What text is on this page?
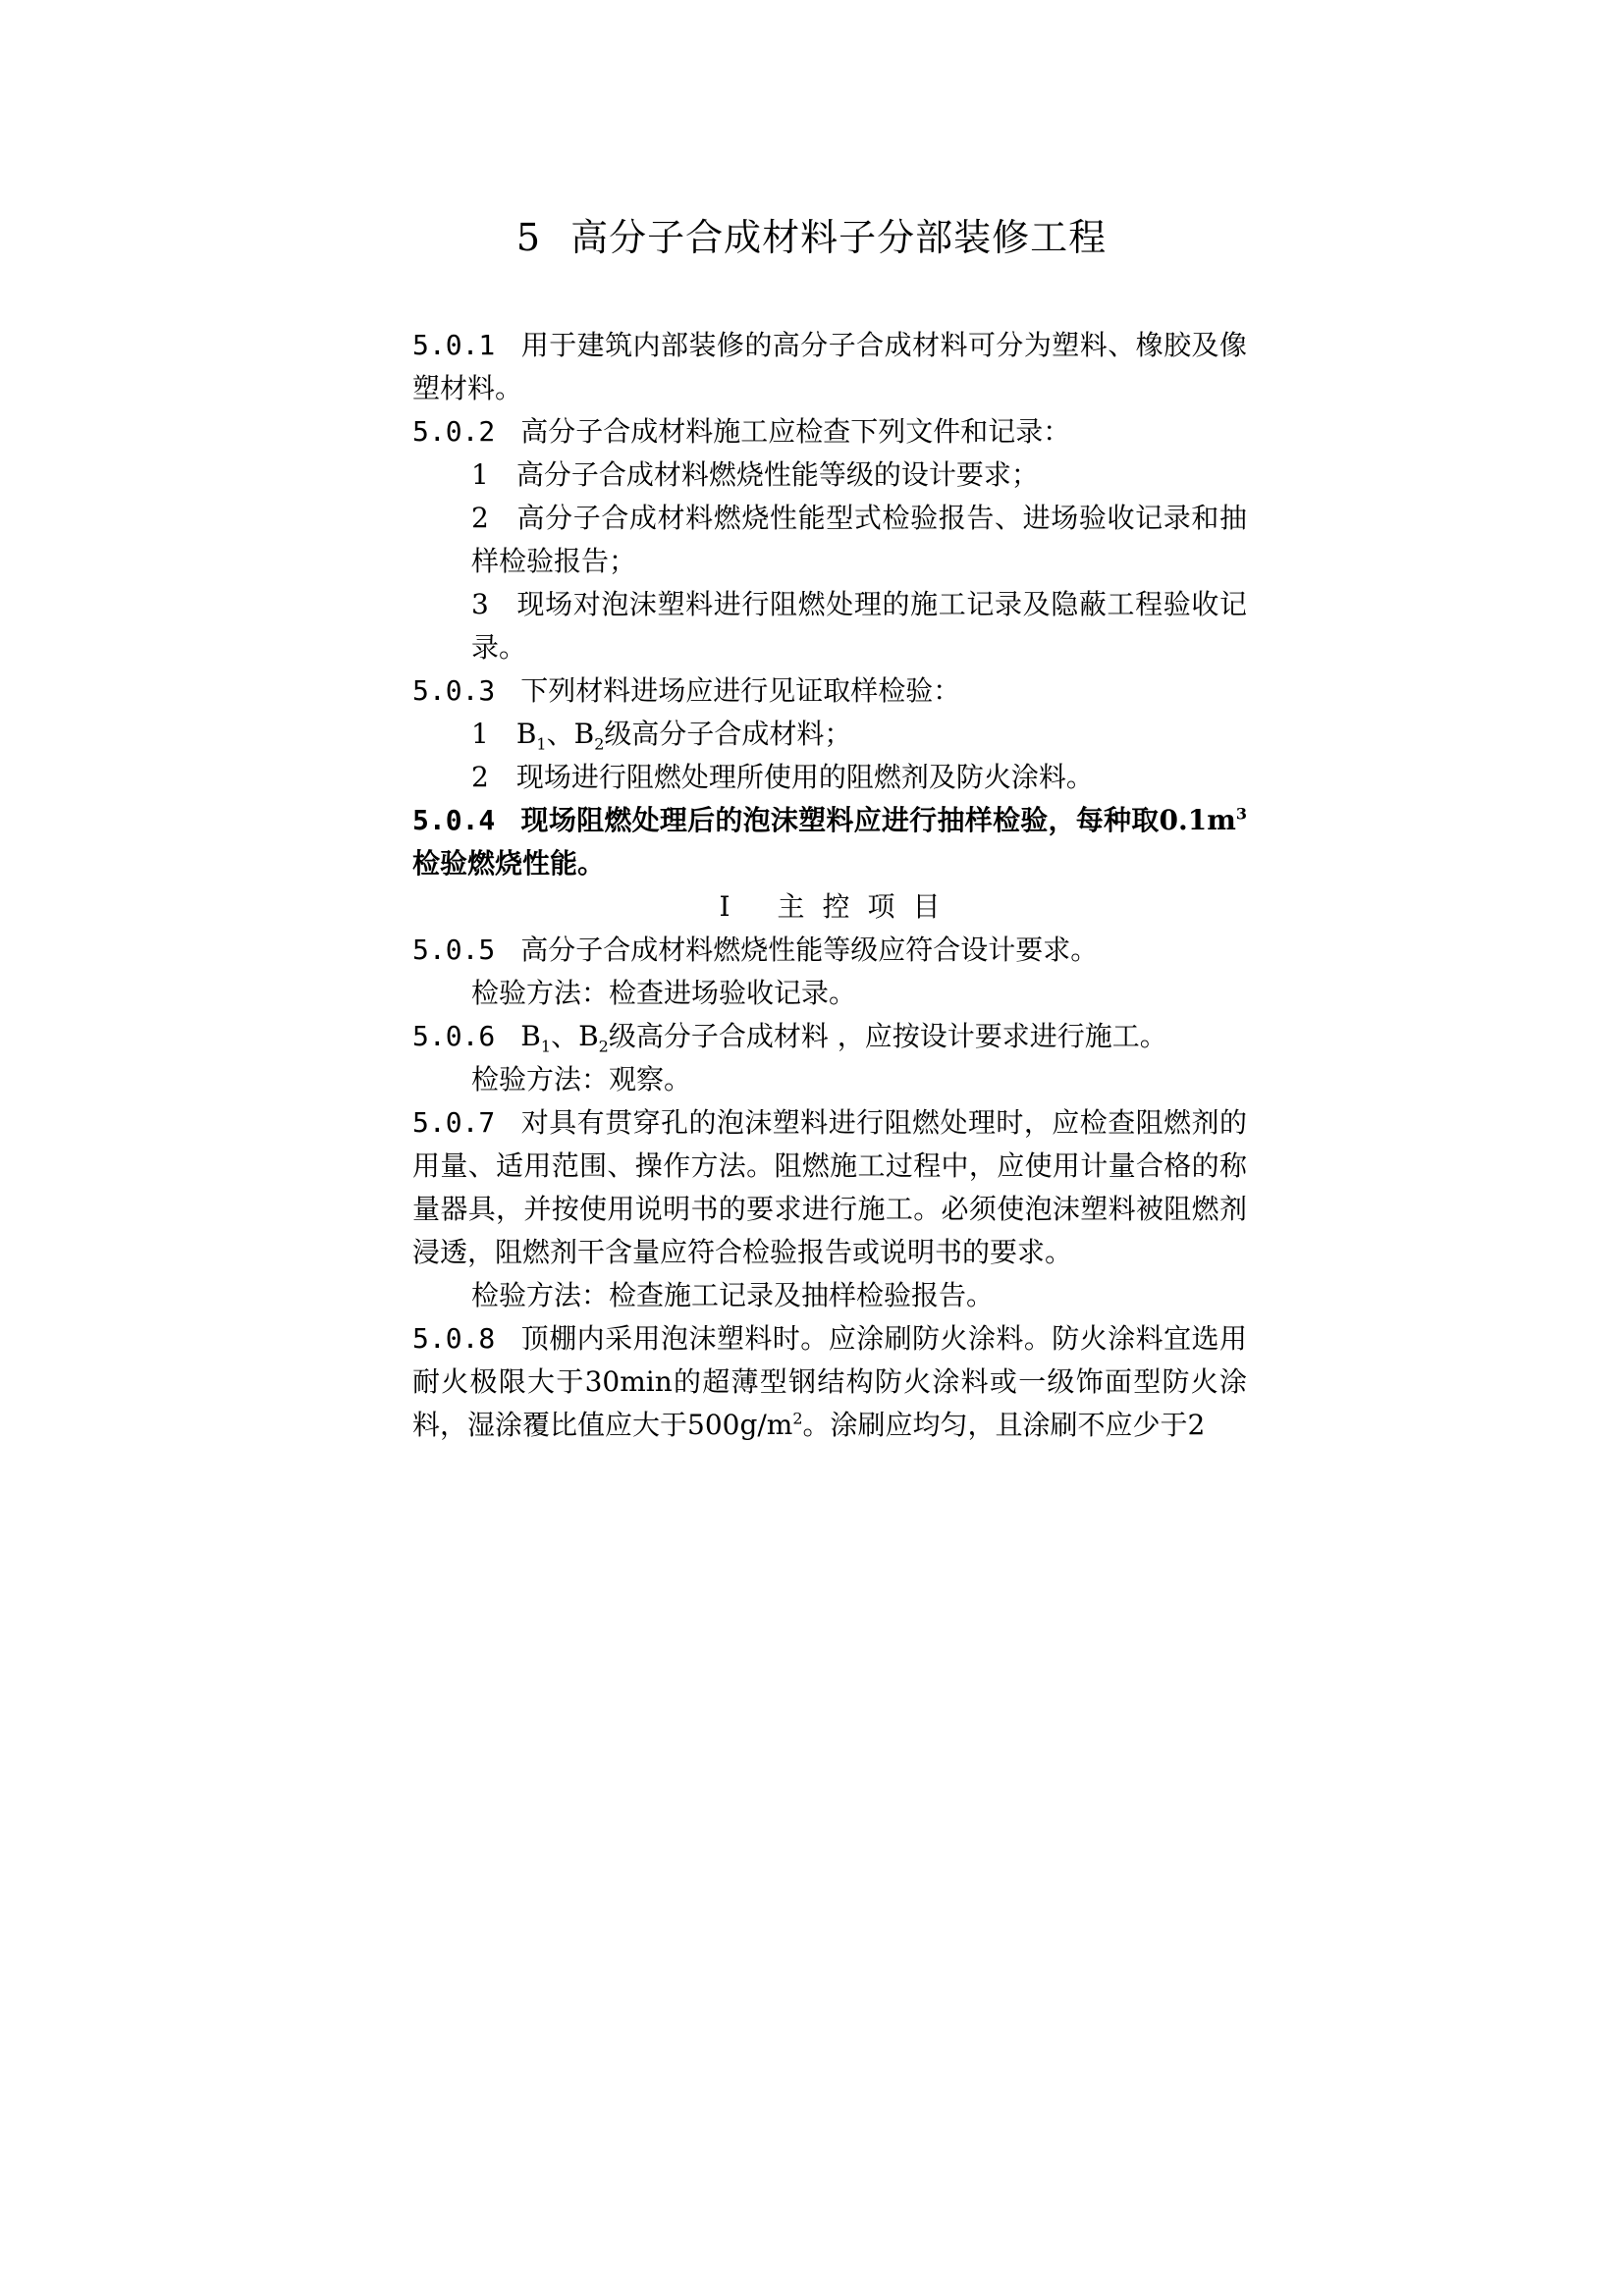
5 高分子合成材料子分部装修工程

5.0.1 用于建筑内部装修的高分子合成材料可分为塑料、橡胶及像塑材料。

5.0.2 高分子合成材料施工应检查下列文件和记录：

1 高分子合成材料燃烧性能等级的设计要求；

2 高分子合成材料燃烧性能型式检验报告、进场验收记录和抽样检验报告；

3 现场对泡沫塑料进行阻燃处理的施工记录及隐蔽工程验收记录。

5.0.3 下列材料进场应进行见证取样检验：

1 $B_1$、$B_2$级高分子合成材料；

2 现场进行阻燃处理所使用的阻燃剂及防火涂料。

5.0.4 现场阻燃处理后的泡沫塑料应进行抽样检验，每种取$0.1m^3$检验燃烧性能。

Ⅰ 主控项目

5.0.5 高分子合成材料燃烧性能等级应符合设计要求。

检验方法：检查进场验收记录。

5.0.6 $B_1$、$B_2$级高分子合成材料 ，应按设计要求进行施工。

检验方法：观察。

5.0.7 对具有贯穿孔的泡沫塑料进行阻燃处理时，应检查阻燃剂的用量、适用范围、操作方法。阻燃施工过程中，应使用计量合格的称量器具，并按使用说明书的要求进行施工。必须使泡沫塑料被阻燃剂浸透，阻燃剂干含量应符合检验报告或说明书的要求。

检验方法：检查施工记录及抽样检验报告。

5.0.8 顶棚内采用泡沫塑料时。应涂刷防火涂料。防火涂料宜选用耐火极限大于30min的超薄型钢结构防火涂料或一级饰面型防火涂料，湿涂覆比值应大于$500g/m^2$。涂刷应均匀，且涂刷不应少于2
